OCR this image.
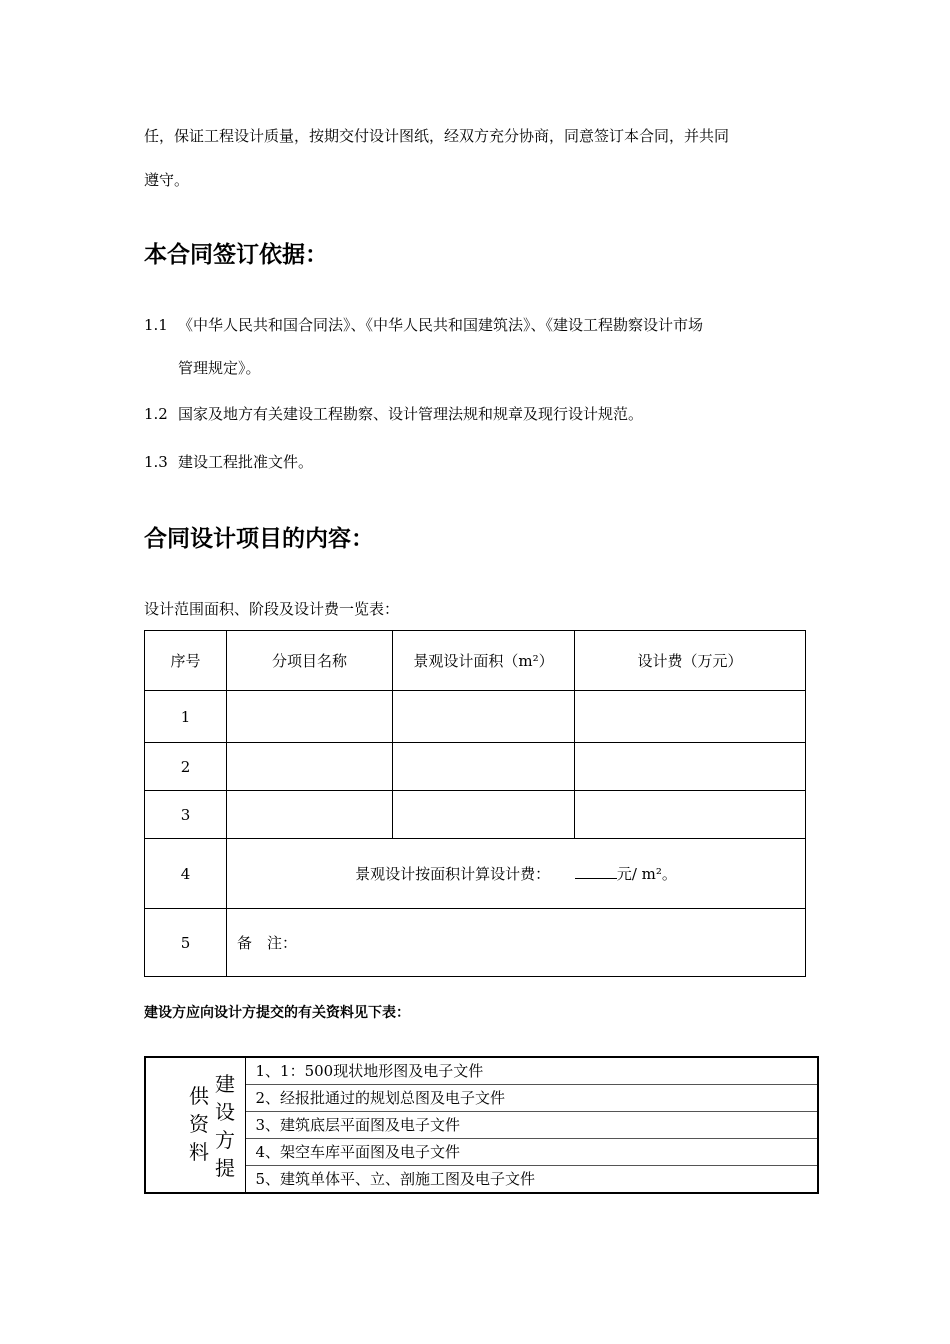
任，保证工程设计质量，按期交付设计图纸，经双方充分协商，同意签订本合同，并共同
遵守。
本合同签订依据：
1.1 《中华人民共和国合同法》、《中华人民共和国建筑法》、《建设工程勘察设计市场
管理规定》。
1.2 国家及地方有关建设工程勘察、设计管理法规和规章及现行设计规范。
1.3 建设工程批准文件。
合同设计项目的内容：
设计范围面积、阶段及设计费一览表：
序号	分项目名称	景观设计面积（m²）	设计费（万元）
1			
2			
3			
4	景观设计按面积计算设计费： 元/ m²。		
5	备　注：		
建设方应向设计方提交的有关资料见下表：
供资料
建设方提
	1、1：500现状地形图及电子文件
2、经报批通过的规划总图及电子文件
3、建筑底层平面图及电子文件
4、架空车库平面图及电子文件
5、建筑单体平、立、剖施工图及电子文件
